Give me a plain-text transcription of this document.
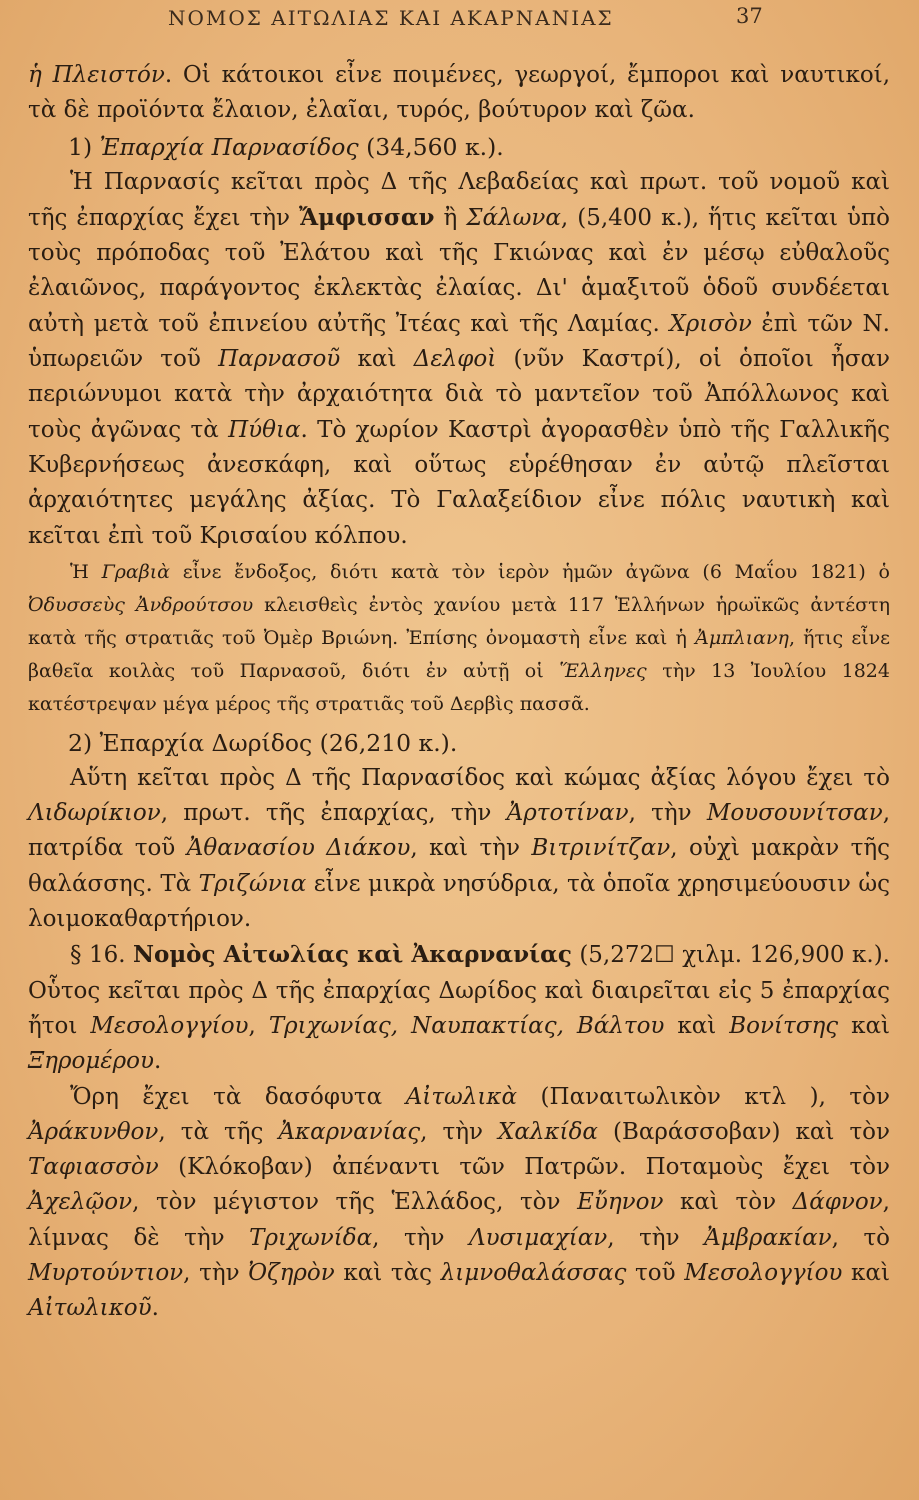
ΝΟΜΟΣ ΑΙΤΩΛΙΑΣ ΚΑΙ ΑΚΑΡΝΑΝΙΑΣ	37

ἡ Πλειστόν. Οἱ κάτοικοι εἶνε ποιμένες, γεωργοί, ἔμποροι καὶ ναυτικοί, τὰ δὲ προϊόντα ἔλαιον, ἐλαῖαι, τυρός, βούτυρον καὶ ζῶα.

1) Ἐπαρχία Παρνασίδος (34,560 κ.).

Ἡ Παρνασίς κεῖται πρὸς Δ τῆς Λεβαδείας καὶ πρωτ. τοῦ νομοῦ καὶ τῆς ἐπαρχίας ἔχει τὴν Ἄμφισσαν ἢ Σάλωνα, (5,400 κ.), ἥτις κεῖται ὑπὸ τοὺς πρόποδας τοῦ Ἐλάτου καὶ τῆς Γκιώνας καὶ ἐν μέσῳ εὐθαλοῦς ἐλαιῶνος, παράγοντος ἐκλεκτὰς ἐλαίας. Δι' ἁμαξιτοῦ ὁδοῦ συνδέεται αὐτὴ μετὰ τοῦ ἐπινείου αὐτῆς Ἰτέας καὶ τῆς Λαμίας. Χρισὸν ἐπὶ τῶν Ν. ὑπωρειῶν τοῦ Παρνασοῦ καὶ Δελφοὶ (νῦν Καστρί), οἱ ὁποῖοι ἦσαν περιώνυμοι κατὰ τὴν ἀρχαιότητα διὰ τὸ μαντεῖον τοῦ Ἀπόλλωνος καὶ τοὺς ἀγῶνας τὰ Πύθια. Τὸ χωρίον Καστρὶ ἀγορασθὲν ὑπὸ τῆς Γαλλικῆς Κυβερνήσεως ἀνεσκάφη, καὶ οὕτως εὑρέθησαν ἐν αὐτῷ πλεῖσται ἀρχαιότητες μεγάλης ἀξίας. Τὸ Γαλαξείδιον εἶνε πόλις ναυτικὴ καὶ κεῖται ἐπὶ τοῦ Κρισαίου κόλπου.

Ἡ Γραβιὰ εἶνε ἔνδοξος, διότι κατὰ τὸν ἱερὸν ἡμῶν ἀγῶνα (6 Μαΐου 1821) ὁ Ὀδυσσεὺς Ἀνδρούτσου κλεισθεὶς ἐντὸς χανίου μετὰ 117 Ἑλλήνων ἡρωϊκῶς ἀντέστη κατὰ τῆς στρατιᾶς τοῦ Ὀμὲρ Βριώνη. Ἐπίσης ὀνομαστὴ εἶνε καὶ ἡ Ἀμπλιανη, ἥτις εἶνε βαθεῖα κοιλὰς τοῦ Παρνασοῦ, διότι ἐν αὐτῇ οἱ Ἕλληνες τὴν 13 Ἰουλίου 1824 κατέστρεψαν μέγα μέρος τῆς στρατιᾶς τοῦ Δερβὶς πασσᾶ.

2) Ἐπαρχία Δωρίδος (26,210 κ.).

Αὕτη κεῖται πρὸς Δ τῆς Παρνασίδος καὶ κώμας ἀξίας λόγου ἔχει τὸ Λιδωρίκιον, πρωτ. τῆς ἐπαρχίας, τὴν Ἀρτοτίναν, τὴν Μουσουνίτσαν, πατρίδα τοῦ Ἀθανασίου Διάκου, καὶ τὴν Βιτρινίτζαν, οὐχὶ μακρὰν τῆς θαλάσσης. Τὰ Τριζώνια εἶνε μικρὰ νησύδρια, τὰ ὁποῖα χρησιμεύουσιν ὡς λοιμοκαθαρτήριον.

§ 16. Νομὸς Αἰτωλίας καὶ Ἀκαρνανίας (5,272☐ χιλμ. 126,900 κ.). Οὗτος κεῖται πρὸς Δ τῆς ἐπαρχίας Δωρίδος καὶ διαιρεῖται εἰς 5 ἐπαρχίας ἤτοι Μεσολογγίου, Τριχωνίας, Ναυπακτίας, Βάλτου καὶ Βονίτσης καὶ Ξηρομέρου.

Ὄρη ἔχει τὰ δασόφυτα Αἰτωλικὰ (Παναιτωλικὸν κτλ ), τὸν Ἀράκυνθον, τὰ τῆς Ἀκαρνανίας, τὴν Χαλκίδα (Βαράσσοβαν) καὶ τὸν Ταφιασσὸν (Κλόκοβαν) ἀπέναντι τῶν Πατρῶν. Ποταμοὺς ἔχει τὸν Ἀχελῷον, τὸν μέγιστον τῆς Ἑλλάδος, τὸν Εὔηνον καὶ τὸν Δάφνον, λίμνας δὲ τὴν Τριχωνίδα, τὴν Λυσιμαχίαν, τὴν Ἀμβρακίαν, τὸ Μυρτούντιον, τὴν Ὀζηρὸν καὶ τὰς λιμνοθαλάσσας τοῦ Μεσολογγίου καὶ Αἰτωλικοῦ.
